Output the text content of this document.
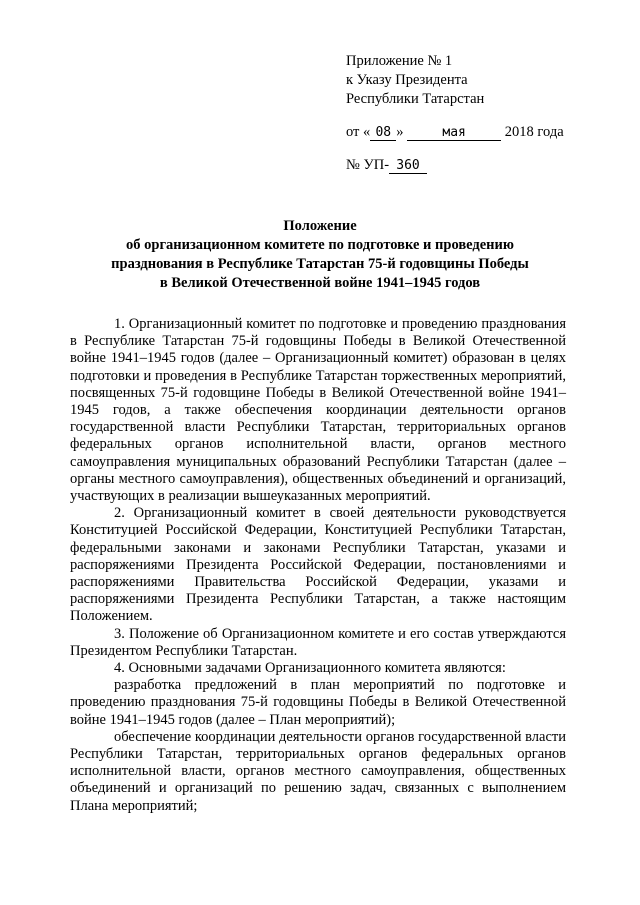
Приложение № 1
к Указу Президента
Республики Татарстан
от « 08 »	мая	2018 года
№ УП- 360
Положение
об организационном комитете по подготовке и проведению
празднования в Республике Татарстан 75-й годовщины Победы
в Великой Отечественной войне 1941–1945 годов

1. Организационный комитет по подготовке и проведению празднования в Республике Татарстан 75-й годовщины Победы в Великой Отечественной войне 1941–1945 годов (далее – Организационный комитет) образован в целях подготовки и проведения в Республике Татарстан торжественных мероприятий, посвященных 75-й годовщине Победы в Великой Отечественной войне 1941–1945 годов, а также обеспечения координации деятельности органов государственной власти Республики Татарстан, территориальных органов федеральных органов исполнительной власти, органов местного самоуправления муниципальных образований Республики Татарстан (далее – органы местного самоуправления), общественных объединений и организаций, участвующих в реализации вышеуказанных мероприятий.

2. Организационный комитет в своей деятельности руководствуется Конституцией Российской Федерации, Конституцией Республики Татарстан, федеральными законами и законами Республики Татарстан, указами и распоряжениями Президента Российской Федерации, постановлениями и распоряжениями Правительства Российской Федерации, указами и распоряжениями Президента Республики Татарстан, а также настоящим Положением.

3. Положение об Организационном комитете и его состав утверждаются Президентом Республики Татарстан.

4. Основными задачами Организационного комитета являются:

разработка предложений в план мероприятий по подготовке и проведению празднования 75-й годовщины Победы в Великой Отечественной войне 1941–1945 годов (далее – План мероприятий);

обеспечение координации деятельности органов государственной власти Республики Татарстан, территориальных органов федеральных органов исполнительной власти, органов местного самоуправления, общественных объединений и организаций по решению задач, связанных с выполнением Плана мероприятий;
